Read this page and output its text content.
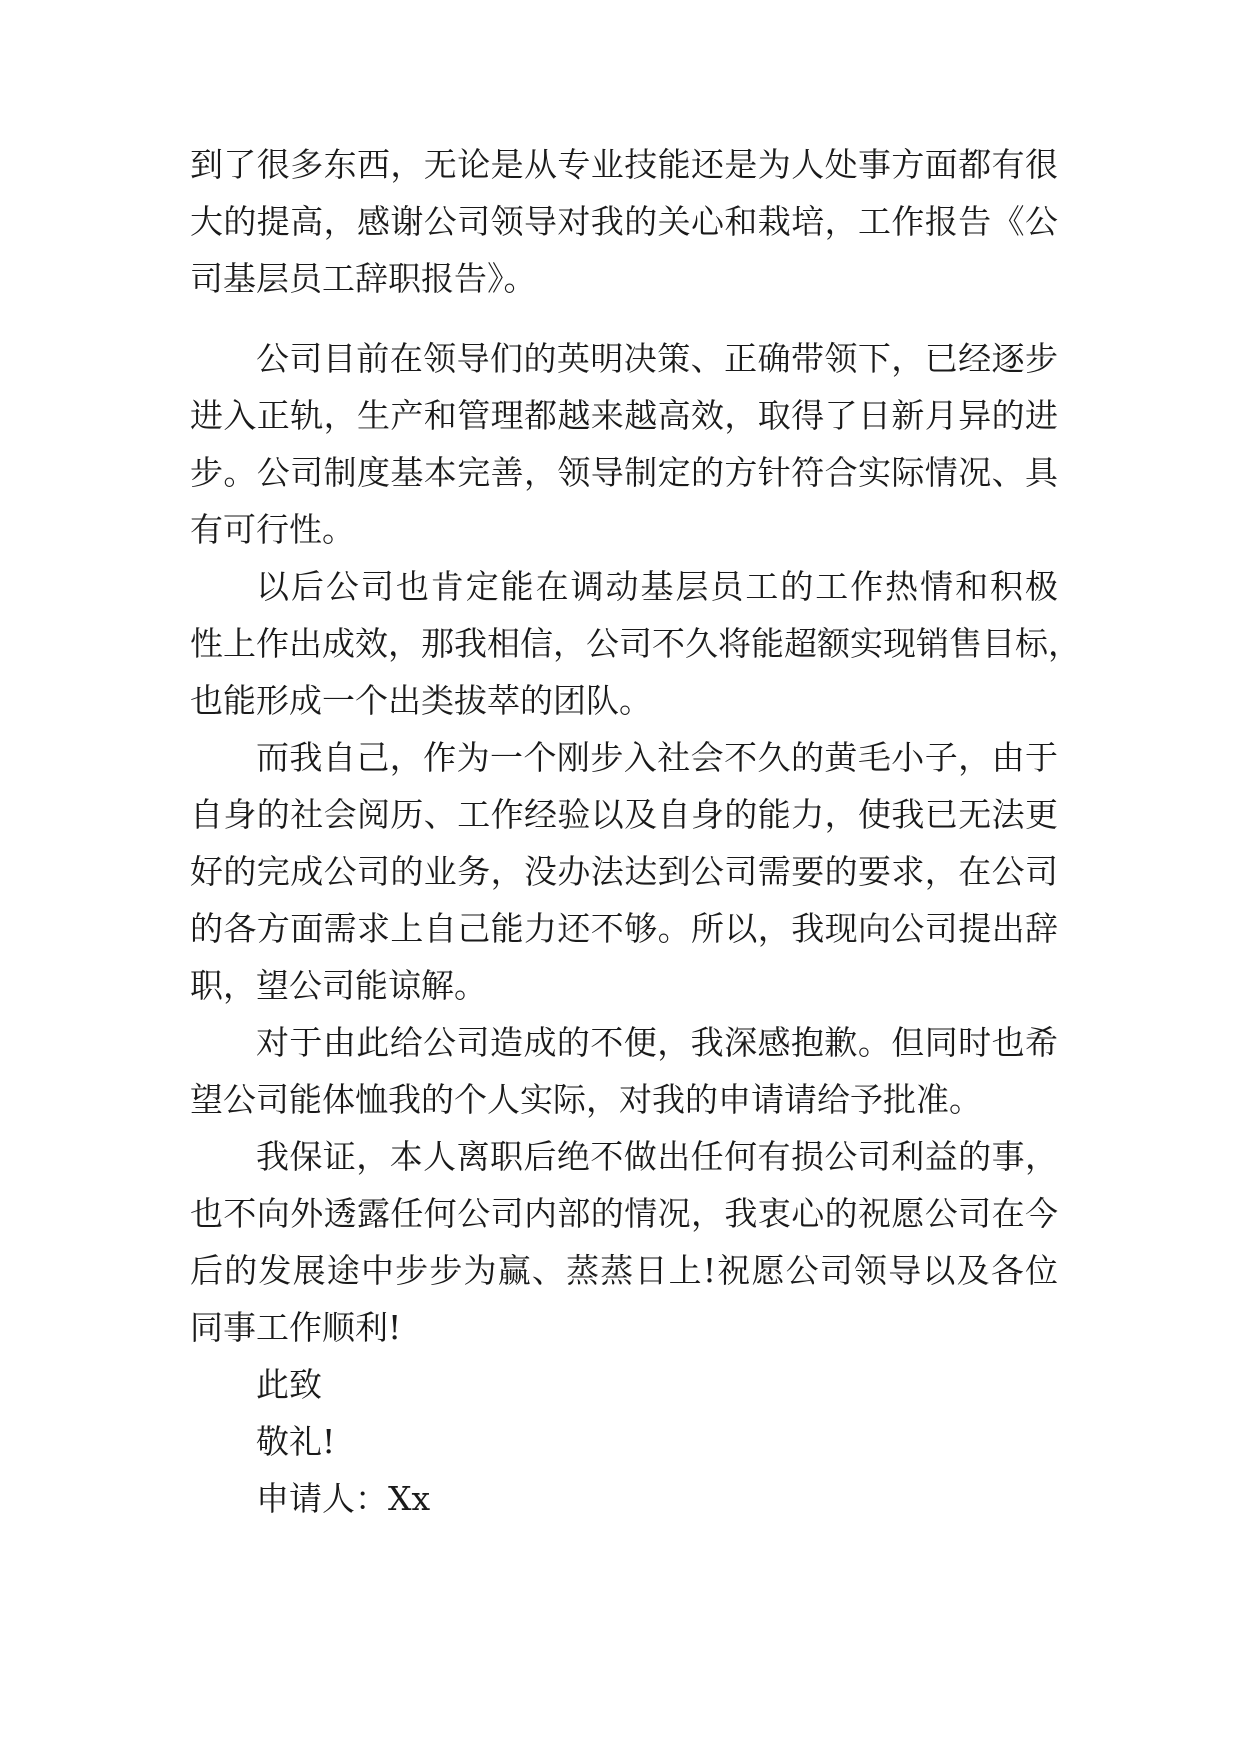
到了很多东西，无论是从专业技能还是为人处事方面都有很
大的提高，感谢公司领导对我的关心和栽培，工作报告《公
司基层员工辞职报告》。
公司目前在领导们的英明决策、正确带领下，已经逐步
进入正轨，生产和管理都越来越高效，取得了日新月异的进
步。公司制度基本完善，领导制定的方针符合实际情况、具
有可行性。
以后公司也肯定能在调动基层员工的工作热情和积极
性上作出成效，那我相信，公司不久将能超额实现销售目标，
也能形成一个出类拔萃的团队。
而我自己，作为一个刚步入社会不久的黄毛小子，由于
自身的社会阅历、工作经验以及自身的能力，使我已无法更
好的完成公司的业务，没办法达到公司需要的要求，在公司
的各方面需求上自己能力还不够。所以，我现向公司提出辞
职，望公司能谅解。
对于由此给公司造成的不便，我深感抱歉。但同时也希
望公司能体恤我的个人实际，对我的申请请给予批准。
我保证，本人离职后绝不做出任何有损公司利益的事，
也不向外透露任何公司内部的情况，我衷心的祝愿公司在今
后的发展途中步步为赢、蒸蒸日上!祝愿公司领导以及各位
同事工作顺利!
此致
敬礼!
申请人：Xx
